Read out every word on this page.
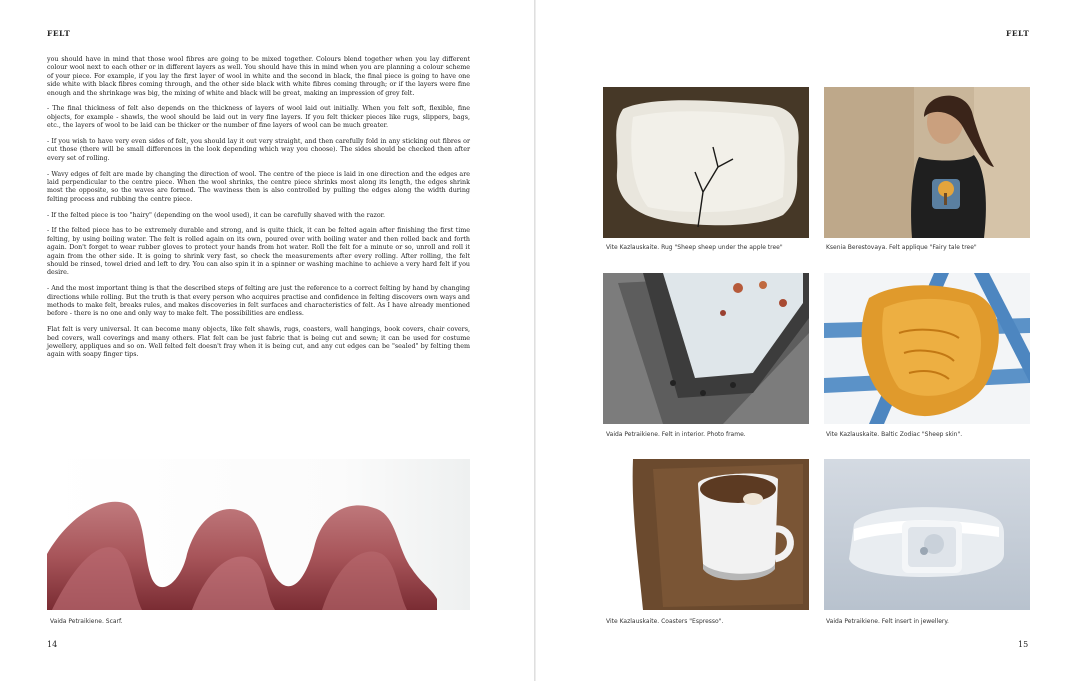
FELT	FELT

you should have in mind that those wool fibres are going to be mixed together. Colours blend together when you lay different colour wool next to each other or in different layers as well. You should have this in mind when you are planning a colour scheme of your piece. For example, if you lay the first layer of wool in white and the second in black, the final piece is going to have one side white with black fibres coming through, and the other side black with white fibres coming through; or if the layers were fine enough and the shrinkage was big, the mixing of white and black will be great, making an impression of grey felt.

- The final thickness of felt also depends on the thickness of layers of wool laid out initially. When you felt soft, flexible, fine objects, for example - shawls, the wool should be laid out in very fine layers. If you felt thicker pieces like rugs, slippers, bags, etc., the layers of wool to be laid can be thicker or the number of fine layers of wool can be much greater.

- If you wish to have very even sides of felt, you should lay it out very straight, and then carefully fold in any sticking out fibres or cut those (there will be small differences in the look depending which way you choose). The sides should be checked then after every set of rolling.

- Wavy edges of felt are made by changing the direction of wool. The centre of the piece is laid in one direction and the edges are laid perpendicular to the centre piece. When the wool shrinks, the centre piece shrinks most along its length, the edges shrink most the opposite, so the waves are formed. The waviness then is also controlled by pulling the edges along the width during felting process and rubbing the centre piece.

- If the felted piece is too "hairy" (depending on the wool used), it can be carefully shaved with the razor.

- If the felted piece has to be extremely durable and strong, and is quite thick, it can be felted again after finishing the first time felting, by using boiling water. The felt is rolled again on its own, poured over with boiling water and then rolled back and forth again. Don't forget to wear rubber gloves to protect your hands from hot water. Roll the felt for a minute or so, unroll and roll it again from the other side. It is going to shrink very fast, so check the measurements after every rolling. After rolling, the felt should be rinsed, towel dried and left to dry. You can also spin it in a spinner or washing machine to achieve a very hard felt if you desire.

- And the most important thing is that the described steps of felting are just the reference to a correct felting by hand by changing directions while rolling. But the truth is that every person who acquires practise and confidence in felting discovers own ways and methods to make felt, breaks rules, and makes discoveries in felt surfaces and characteristics of felt. As I have already mentioned before - there is no one and only way to make felt. The possibilities are endless.

Flat felt is very universal. It can become many objects, like felt shawls, rugs, coasters, wall hangings, book covers, chair covers, bed covers, wall coverings and many others. Flat felt can be just fabric that is being cut and sewn; it can be used for costume jewellery, appliques and so on. Well felted felt doesn't fray when it is being cut, and any cut edges can be "sealed" by felting them again with soapy finger tips.

Vaida Petraikiene. Scarf.
Vite Kazlauskaite. Rug "Sheep sheep under the apple tree"	Ksenia Berestovaya. Felt applique "Fairy tale tree"
Vaida Petraikiene. Felt in interior. Photo frame.	Vite Kazlauskaite. Baltic Zodiac "Sheep skin".
Vite Kazlauskaite. Coasters "Espresso".	Vaida Petraikiene. Felt insert in jewellery.
14	15
